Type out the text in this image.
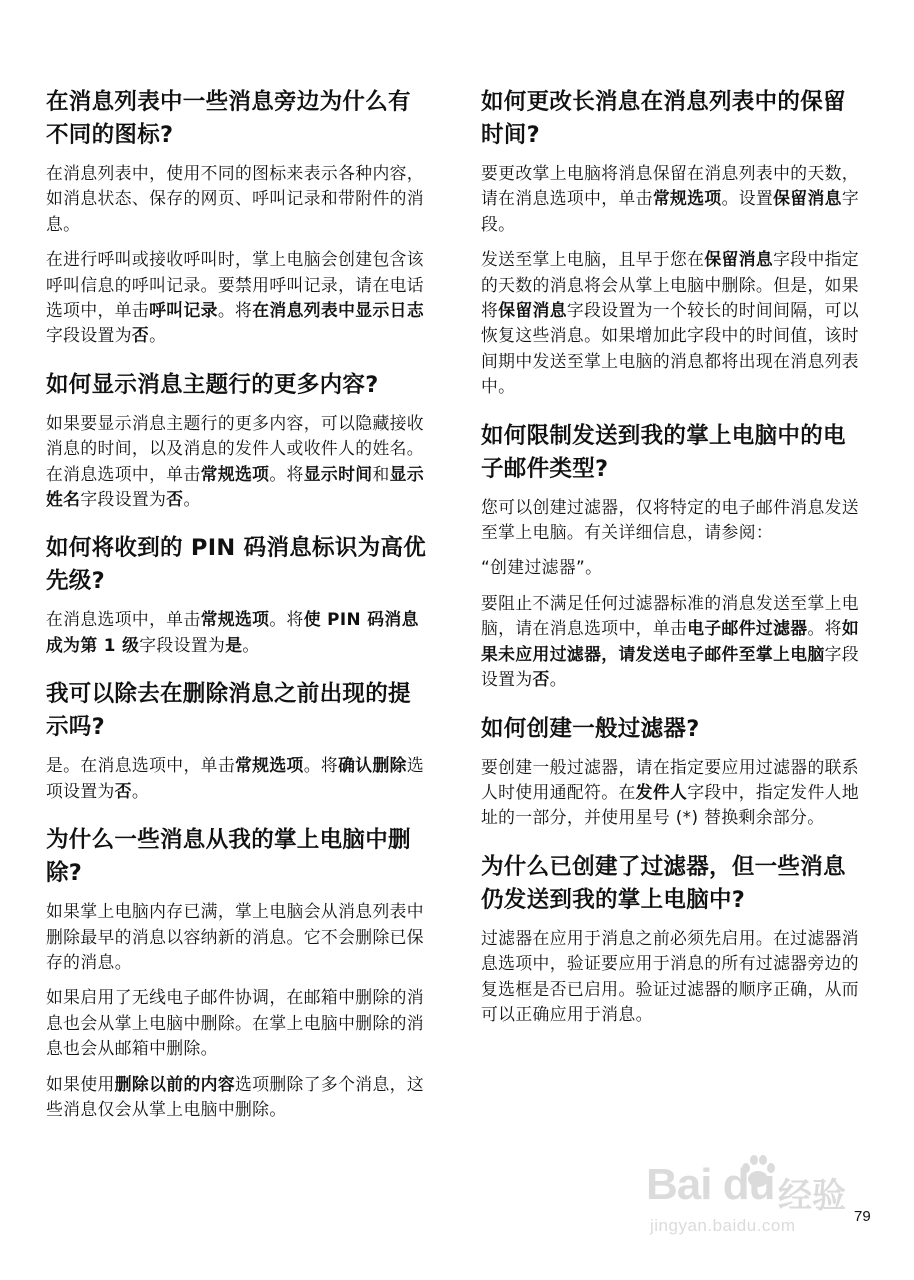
在消息列表中一些消息旁边为什么有不同的图标?

在消息列表中，使用不同的图标来表示各种内容，如消息状态、保存的网页、呼叫记录和带附件的消息。

在进行呼叫或接收呼叫时，掌上电脑会创建包含该呼叫信息的呼叫记录。要禁用呼叫记录，请在电话选项中，单击呼叫记录。将在消息列表中显示日志字段设置为否。

如何显示消息主题行的更多内容?

如果要显示消息主题行的更多内容，可以隐藏接收消息的时间，以及消息的发件人或收件人的姓名。在消息选项中，单击常规选项。将显示时间和显示姓名字段设置为否。

如何将收到的 PIN 码消息标识为高优先级?

在消息选项中，单击常规选项。将使 PIN 码消息成为第 1 级字段设置为是。

我可以除去在删除消息之前出现的提示吗?

是。在消息选项中，单击常规选项。将确认删除选项设置为否。

为什么一些消息从我的掌上电脑中删除?

如果掌上电脑内存已满，掌上电脑会从消息列表中删除最早的消息以容纳新的消息。它不会删除已保存的消息。

如果启用了无线电子邮件协调，在邮箱中删除的消息也会从掌上电脑中删除。在掌上电脑中删除的消息也会从邮箱中删除。

如果使用删除以前的内容选项删除了多个消息，这些消息仅会从掌上电脑中删除。

如何更改长消息在消息列表中的保留时间?

要更改掌上电脑将消息保留在消息列表中的天数，请在消息选项中，单击常规选项。设置保留消息字段。

发送至掌上电脑，且早于您在保留消息字段中指定的天数的消息将会从掌上电脑中删除。但是，如果将保留消息字段设置为一个较长的时间间隔，可以恢复这些消息。如果增加此字段中的时间值，该时间期中发送至掌上电脑的消息都将出现在消息列表中。

如何限制发送到我的掌上电脑中的电子邮件类型?

您可以创建过滤器，仅将特定的电子邮件消息发送至掌上电脑。有关详细信息，请参阅：

“创建过滤器”。

要阻止不满足任何过滤器标准的消息发送至掌上电脑，请在消息选项中，单击电子邮件过滤器。将如果未应用过滤器，请发送电子邮件至掌上电脑字段设置为否。

如何创建一般过滤器?

要创建一般过滤器，请在指定要应用过滤器的联系人时使用通配符。在发件人字段中，指定发件人地址的一部分，并使用星号 (*) 替换剩余部分。

为什么已创建了过滤器，但一些消息仍发送到我的掌上电脑中?

过滤器在应用于消息之前必须先启用。在过滤器消息选项中，验证要应用于消息的所有过滤器旁边的复选框是否已启用。验证过滤器的顺序正确，从而可以正确应用于消息。

Bai du 经验
jingyan.baidu.com	79
